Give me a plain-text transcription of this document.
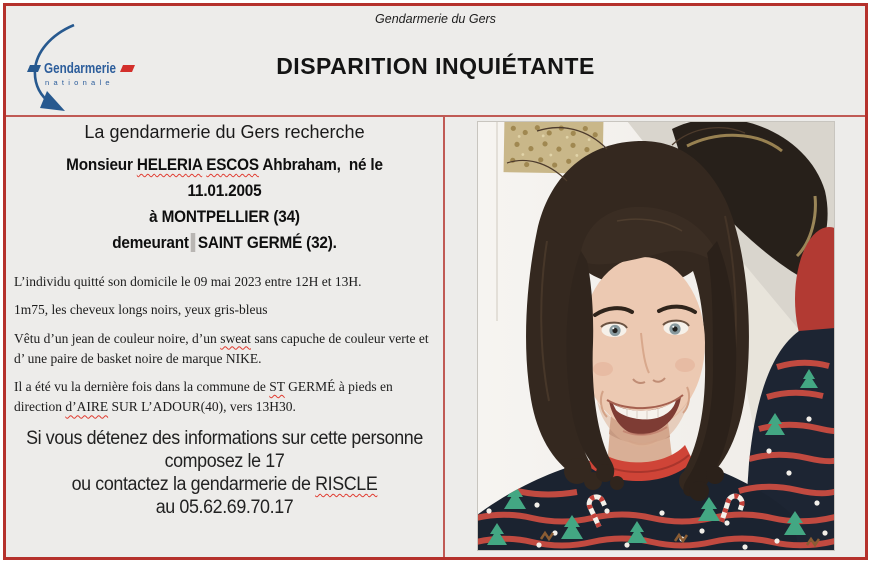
Gendarmerie du Gers
DISPARITION INQUIÉTANTE
Gendarmerie
nationale
La gendarmerie du Gers recherche
Monsieur HELERIA ESCOS Ahbraham,  né le 11.01.2005
à MONTPELLIER (34)
demeurant SAINT GERMÉ (32).

L’individu quitté son domicile le 09 mai 2023 entre 12H et 13H.

1m75, les cheveux longs noirs, yeux gris-bleus

Vêtu d’un jean de couleur noire, d’un sweat sans capuche de couleur verte et d’ une paire de basket noire de marque NIKE.

Il a été vu la dernière fois dans la commune de ST GERMÉ à pieds en direction d’AIRE SUR L’ADOUR(40), vers 13H30.

Si vous détenez des informations sur cette personne
composez le 17
ou contactez la gendarmerie de RISCLE
au 05.62.69.70.17
